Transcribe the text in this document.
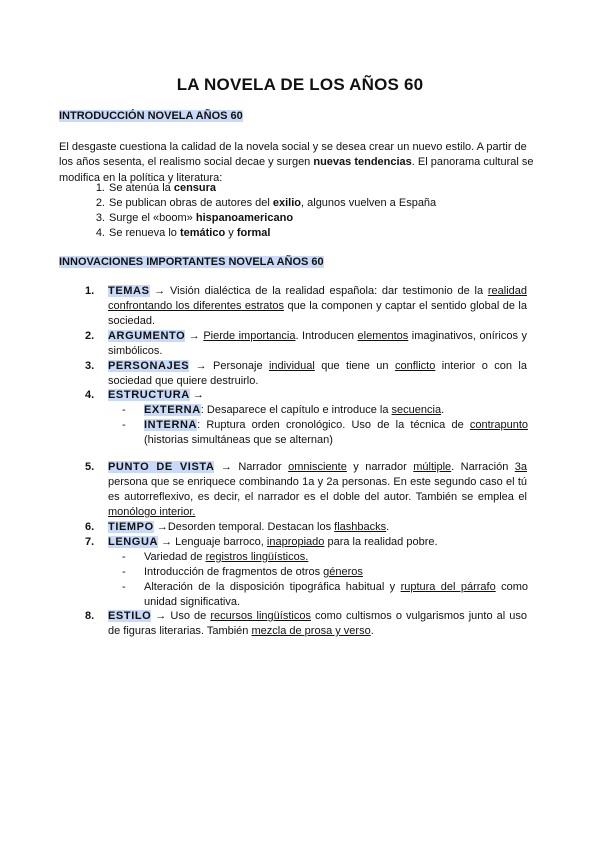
LA NOVELA DE LOS AÑOS 60
INTRODUCCIÓN NOVELA AÑOS 60
El desgaste cuestiona la calidad de la novela social y se desea crear un nuevo estilo. A partir de los años sesenta, el realismo social decae y surgen nuevas tendencias. El panorama cultural se modifica en la política y literatura:
1. Se atenúa la censura
2. Se publican obras de autores del exilio, algunos vuelven a España
3. Surge el «boom» hispanoamericano
4. Se renueva lo temático y formal
INNOVACIONES IMPORTANTES NOVELA AÑOS 60
1. TEMAS → Visión dialéctica de la realidad española: dar testimonio de la realidad confrontando los diferentes estratos que la componen y captar el sentido global de la sociedad.
2. ARGUMENTO → Pierde importancia. Introducen elementos imaginativos, oníricos y simbólicos.
3. PERSONAJES → Personaje individual que tiene un conflicto interior o con la sociedad que quiere destruirlo.
4. ESTRUCTURA →
- EXTERNA: Desaparece el capítulo e introduce la secuencia.
- INTERNA: Ruptura orden cronológico. Uso de la técnica de contrapunto (historias simultáneas que se alternan)
5. PUNTO DE VISTA → Narrador omnisciente y narrador múltiple. Narración 3a persona que se enriquece combinando 1a y 2a personas. En este segundo caso el tú es autorreflexivo, es decir, el narrador es el doble del autor. También se emplea el monólogo interior.
6. TIEMPO →Desorden temporal. Destacan los flashbacks.
7. LENGUA → Lenguaje barroco, inapropiado para la realidad pobre.
- Variedad de registros lingüísticos.
- Introducción de fragmentos de otros géneros
- Alteración de la disposición tipográfica habitual y ruptura del párrafo como unidad significativa.
8. ESTILO → Uso de recursos lingüísticos como cultismos o vulgarismos junto al uso de figuras literarias. También mezcla de prosa y verso.
